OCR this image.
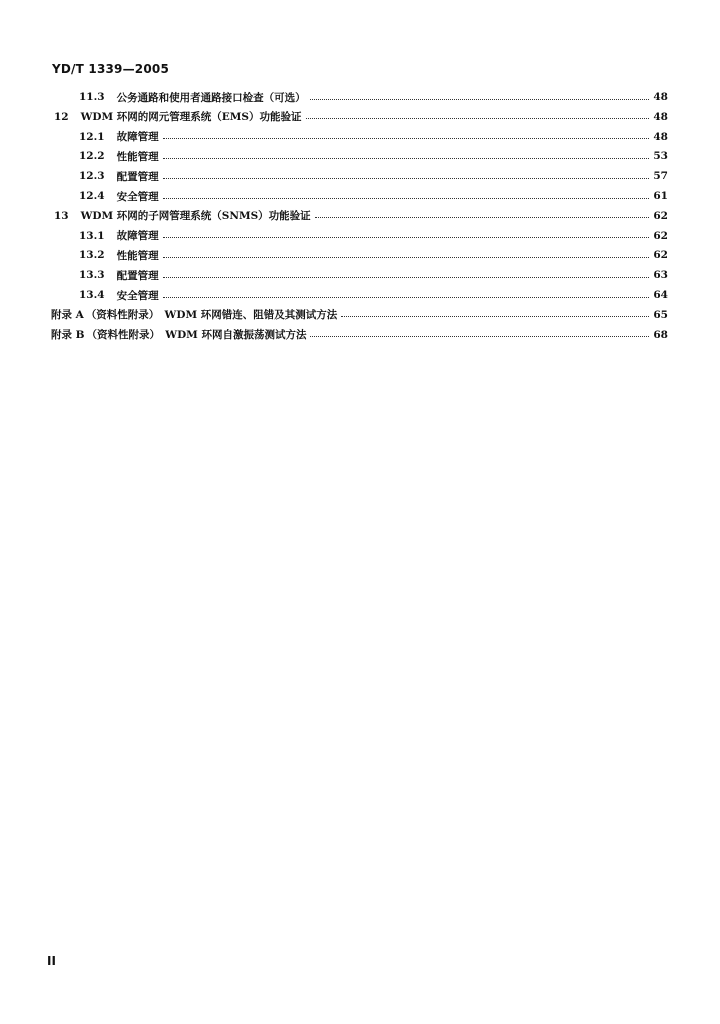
YD/T 1339—2005
11.3 公务通路和使用者通路接口检查（可选）	48
12 WDM 环网的网元管理系统（EMS）功能验证	48
12.1 故障管理	48
12.2 性能管理	53
12.3 配置管理	57
12.4 安全管理	61
13 WDM 环网的子网管理系统（SNMS）功能验证	62
13.1 故障管理	62
13.2 性能管理	62
13.3 配置管理	63
13.4 安全管理	64
附录 A （资料性附录）　WDM 环网错连、阻错及其测试方法	65
附录 B （资料性附录）　WDM 环网自激振荡测试方法	68
II
